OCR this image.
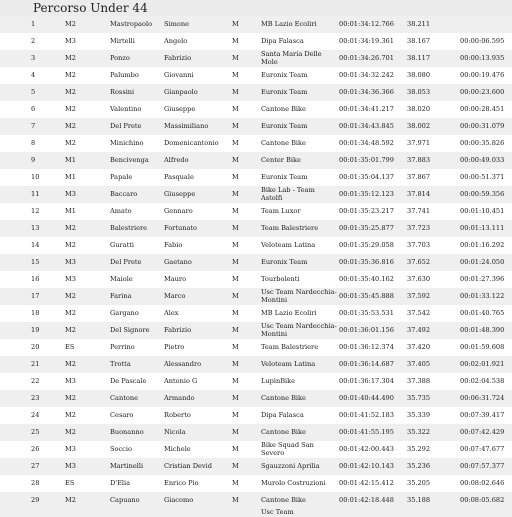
Percorso Under 44
1	M2	Mastropaolo	Simone	M	MB Lazio Ecoliri	00:01:34:12.766	38.211
2	M3	Mirtelli	Angelo	M	Dipa Falasca	00:01:34:19.361	38.167	00:00:06.595
3	M2	Ponzo	Fabrizio	M	Santa Maria Delle Mole	00:01:34:26.701	38.117	00:00:13.935
4	M2	Palumbo	Giovanni	M	Euronix Team	00:01:34:32.242	38.080	00:00:19.476
5	M2	Rossini	Gianpaolo	M	Euronix Team	00:01:34:36.366	38.053	00:00:23.600
6	M2	Valentino	Giuseppe	M	Cantone Bike	00:01:34:41.217	38.020	00:00:28.451
7	M2	Del Prete	Massimiliano	M	Euronix Team	00:01:34:43.845	38.002	00:00:31.079
8	M2	Minichino	Domenicantonio	M	Cantone Bike	00:01:34:48.592	37.971	00:00:35.826
9	M1	Bencivenga	Alfredo	M	Center Bike	00:01:35:01.799	37.883	00:00:49.033
10	M1	Papale	Pasquale	M	Euronix Team	00:01:35:04.137	37.867	00:00:51.371
11	M3	Baccaro	Giuseppe	M	Bike Lab - Team Astolfi	00:01:35:12.123	37.814	00:00:59.356
12	M1	Amato	Gennaro	M	Team Luxor	00:01:35:23.217	37.741	00:01:10.451
13	M2	Balestriere	Fortunato	M	Team Balestriere	00:01:35:25.877	37.723	00:01:13.111
14	M2	Guratti	Fabio	M	Veloteam Latina	00:01:35:29.058	37.703	00:01:16.292
15	M3	Del Prete	Gaetano	M	Euronix Team	00:01:35:36.816	37.652	00:01:24.050
16	M3	Maiole	Mauro	M	Tourbolenti	00:01:35:40.162	37.630	00:01:27.396
17	M2	Farina	Marco	M	Usc Team Nardecchia-Montini	00:01:35:45.888	37.592	00:01:33.122
18	M2	Gargano	Alex	M	MB Lazio Ecoliri	00:01:35:53.531	37.542	00:01:40.765
19	M2	Del Signore	Fabrizio	M	Usc Team Nardecchia-Montini	00:01:36:01.156	37.492	00:01:48.390
20	ES	Perrino	Pietro	M	Team Balestriere	00:01:36:12.374	37.420	00:01:59.608
21	M2	Trotta	Alessandro	M	Veloteam Latina	00:01:36:14.687	37.405	00:02:01.921
22	M3	De Pascale	Antonio G	M	LupinBike	00:01:36:17.304	37.388	00:02:04.538
23	M2	Cantone	Armando	M	Cantone Bike	00:01:40:44.490	35.735	00:06:31.724
24	M2	Cesaro	Roberto	M	Dipa Falasca	00:01:41:52.183	35.339	00:07:39.417
25	M2	Buonanno	Nicola	M	Cantone Bike	00:01:41:55.195	35.322	00:07:42.429
26	M3	Soccio	Michele	M	Bike Squad San Severo	00:01:42:00.443	35.292	00:07:47.677
27	M3	Martinelli	Cristian Devid	M	Sgauzzoni Aprilia	00:01:42:10.143	35.236	00:07:57.377
28	ES	D'Elia	Enrico Pio	M	Murolo Costruzioni	00:01:42:15.412	35.205	00:08:02.646
29	M2	Capuano	Giacomo	M	Cantone Bike	00:01:42:18.448	35.188	00:08:05.682
Usc Team
